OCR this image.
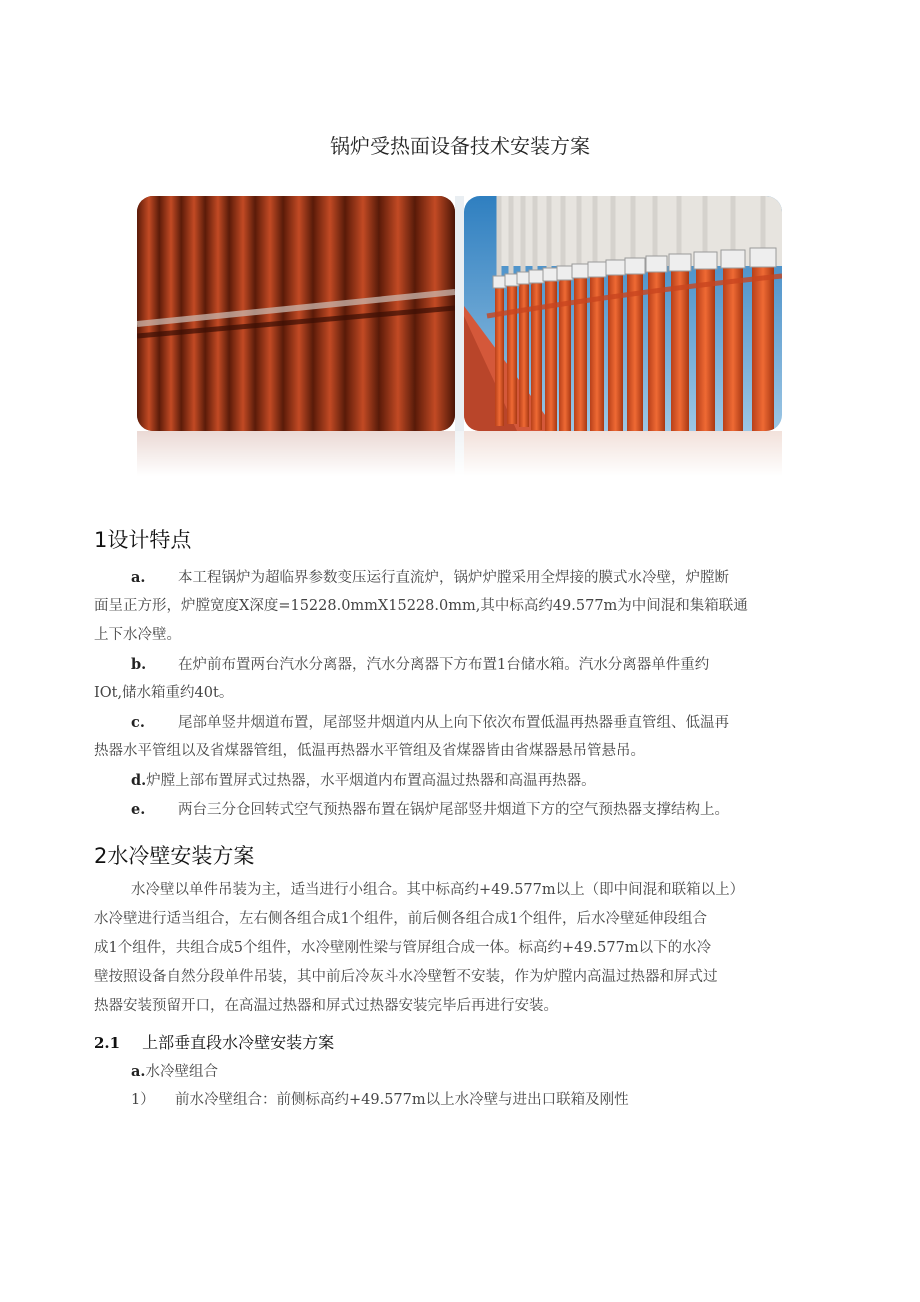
锅炉受热面设备技术安装方案
1设计特点
a. 本工程锅炉为超临界参数变压运行直流炉，锅炉炉膛采用全焊接的膜式水冷壁，炉膛断
面呈正方形，炉膛宽度X深度=15228.0mmX15228.0mm,其中标高约49.577m为中间混和集箱联通
上下水冷壁。
b. 在炉前布置两台汽水分离器，汽水分离器下方布置1台储水箱。汽水分离器单件重约
IOt,储水箱重约40t。
c. 尾部单竖井烟道布置，尾部竖井烟道内从上向下依次布置低温再热器垂直管组、低温再
热器水平管组以及省煤器管组，低温再热器水平管组及省煤器皆由省煤器悬吊管悬吊。
d.炉膛上部布置屏式过热器，水平烟道内布置高温过热器和高温再热器。
e. 两台三分仓回转式空气预热器布置在锅炉尾部竖井烟道下方的空气预热器支撑结构上。
2水冷壁安装方案
水冷壁以单件吊装为主，适当进行小组合。其中标高约+49.577m以上（即中间混和联箱以上）
水冷壁进行适当组合，左右侧各组合成1个组件，前后侧各组合成1个组件，后水冷壁延伸段组合
成1个组件，共组合成5个组件，水冷壁刚性梁与管屏组合成一体。标高约+49.577m以下的水冷
壁按照设备自然分段单件吊装，其中前后冷灰斗水冷壁暂不安装，作为炉膛内高温过热器和屏式过
热器安装预留开口，在高温过热器和屏式过热器安装完毕后再进行安装。
2.1 上部垂直段水冷壁安装方案
a.水冷壁组合
1） 前水冷壁组合：前侧标高约+49.577m以上水冷壁与进出口联箱及刚性
